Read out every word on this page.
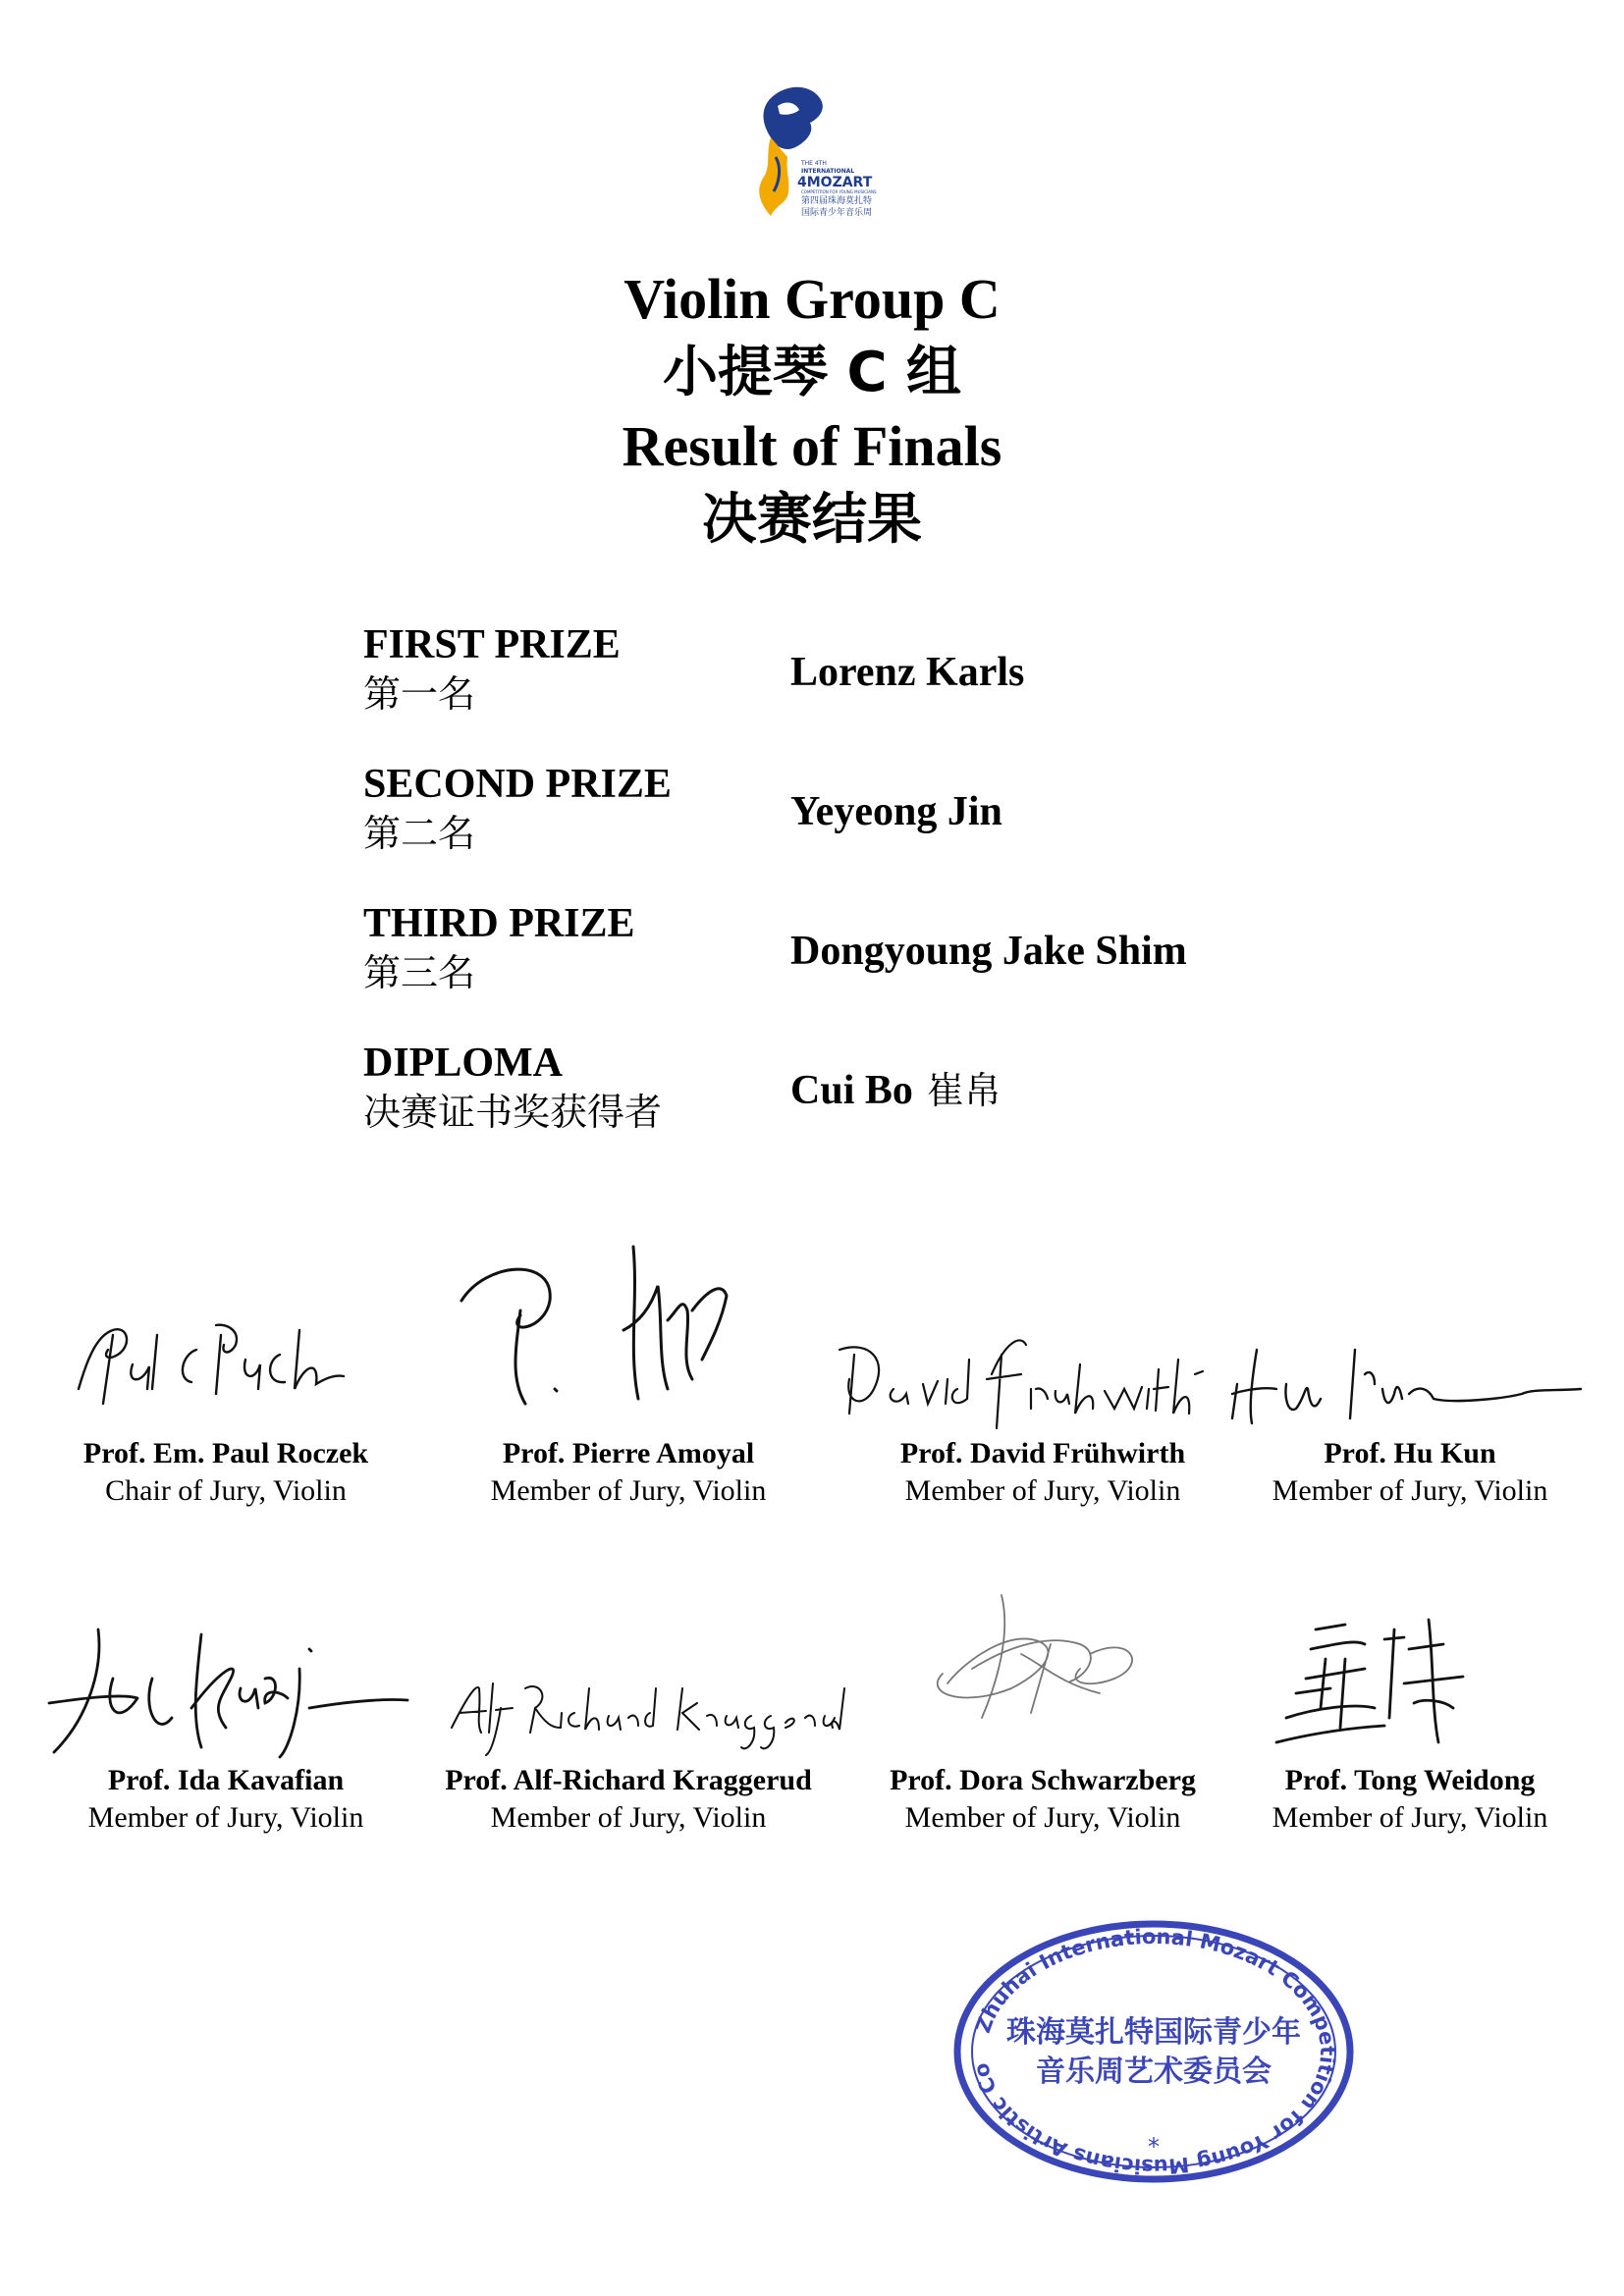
THE 4TH
INTERNATIONAL
4MOZART
COMPETITION FOR YOUNG MUSICIANS
第四届珠海莫扎特
国际青少年音乐周
Violin Group C
小提琴 C 组
Result of Finals
决赛结果
FIRST PRIZE
第一名	Lorenz Karls
SECOND PRIZE
第二名	Yeyeong Jin
THIRD PRIZE
第三名	Dongyoung Jake Shim
DIPLOMA
决赛证书奖获得者	Cui Bo 崔帛
Prof. Em. Paul Roczek
Chair of Jury, Violin
Prof. Pierre Amoyal
Member of Jury, Violin
Prof. David Frühwirth
Member of Jury, Violin
Prof. Hu Kun
Member of Jury, Violin
Prof. Ida Kavafian
Member of Jury, Violin
Prof. Alf-Richard Kraggerud
Member of Jury, Violin
Prof. Dora Schwarzberg
Member of Jury, Violin
Prof. Tong Weidong
Member of Jury, Violin
Zhuhai International Mozart Competition for Young Musicians Artistic Co
珠海莫扎特国际青少年
音乐周艺术委员会
*
